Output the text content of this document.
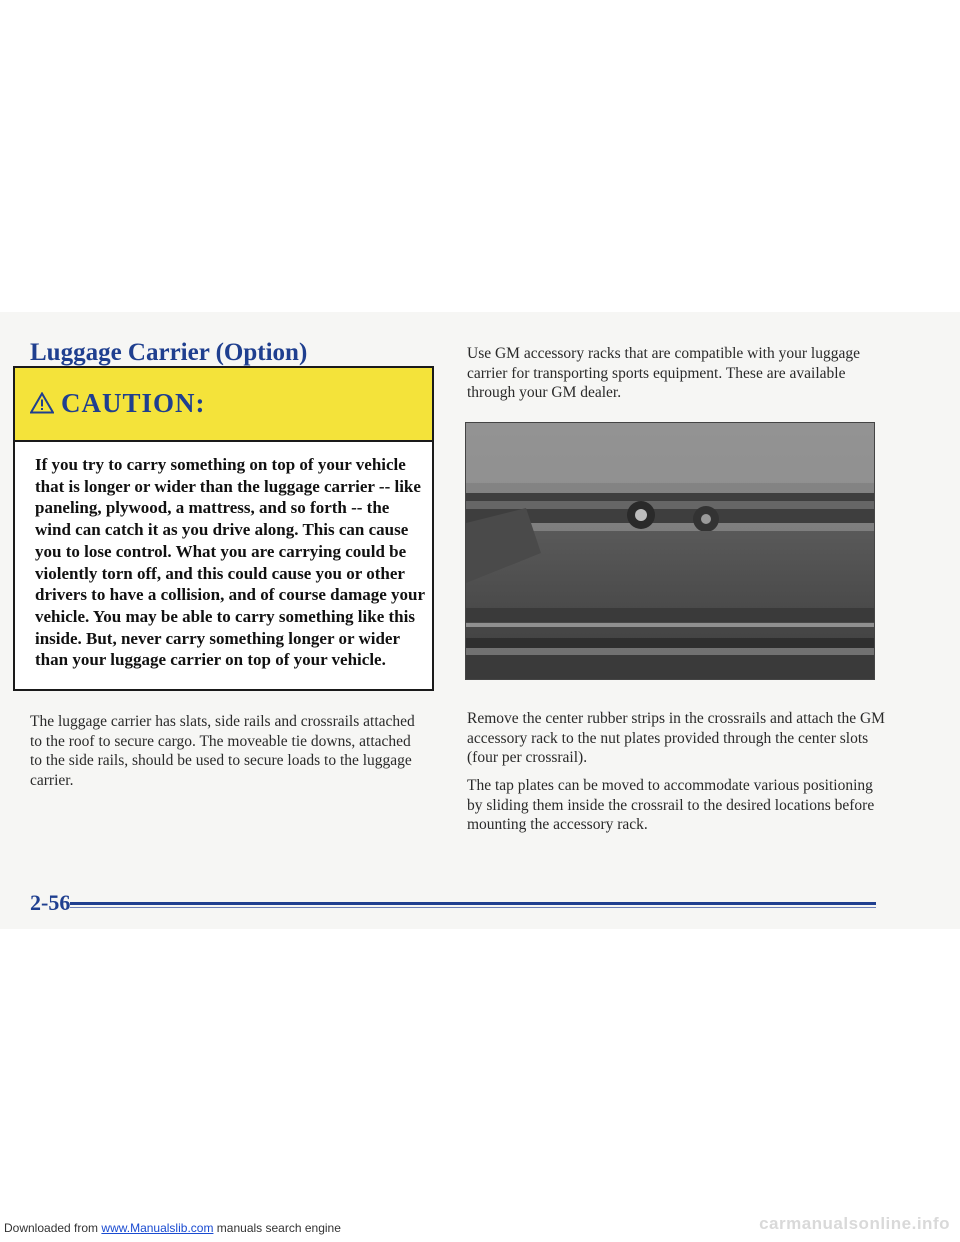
Luggage Carrier (Option)
CAUTION:

If you try to carry something on top of your vehicle that is longer or wider than the luggage carrier -- like paneling, plywood, a mattress, and so forth -- the wind can catch it as you drive along. This can cause you to lose control. What you are carrying could be violently torn off, and this could cause you or other drivers to have a collision, and of course damage your vehicle. You may be able to carry something like this inside. But, never carry something longer or wider than your luggage carrier on top of your vehicle.

The luggage carrier has slats, side rails and crossrails attached to the roof to secure cargo. The moveable tie downs, attached to the side rails, should be used to secure loads to the luggage carrier.

Use GM accessory racks that are compatible with your luggage carrier for transporting sports equipment. These are available through your GM dealer.

Remove the center rubber strips in the crossrails and attach the GM accessory rack to the nut plates provided through the center slots (four per crossrail).

The tap plates can be moved to accommodate various positioning by sliding them inside the crossrail to the desired locations before mounting the accessory rack.

2-56
Downloaded from www.Manualslib.com manuals search engine	carmanualsonline.info
